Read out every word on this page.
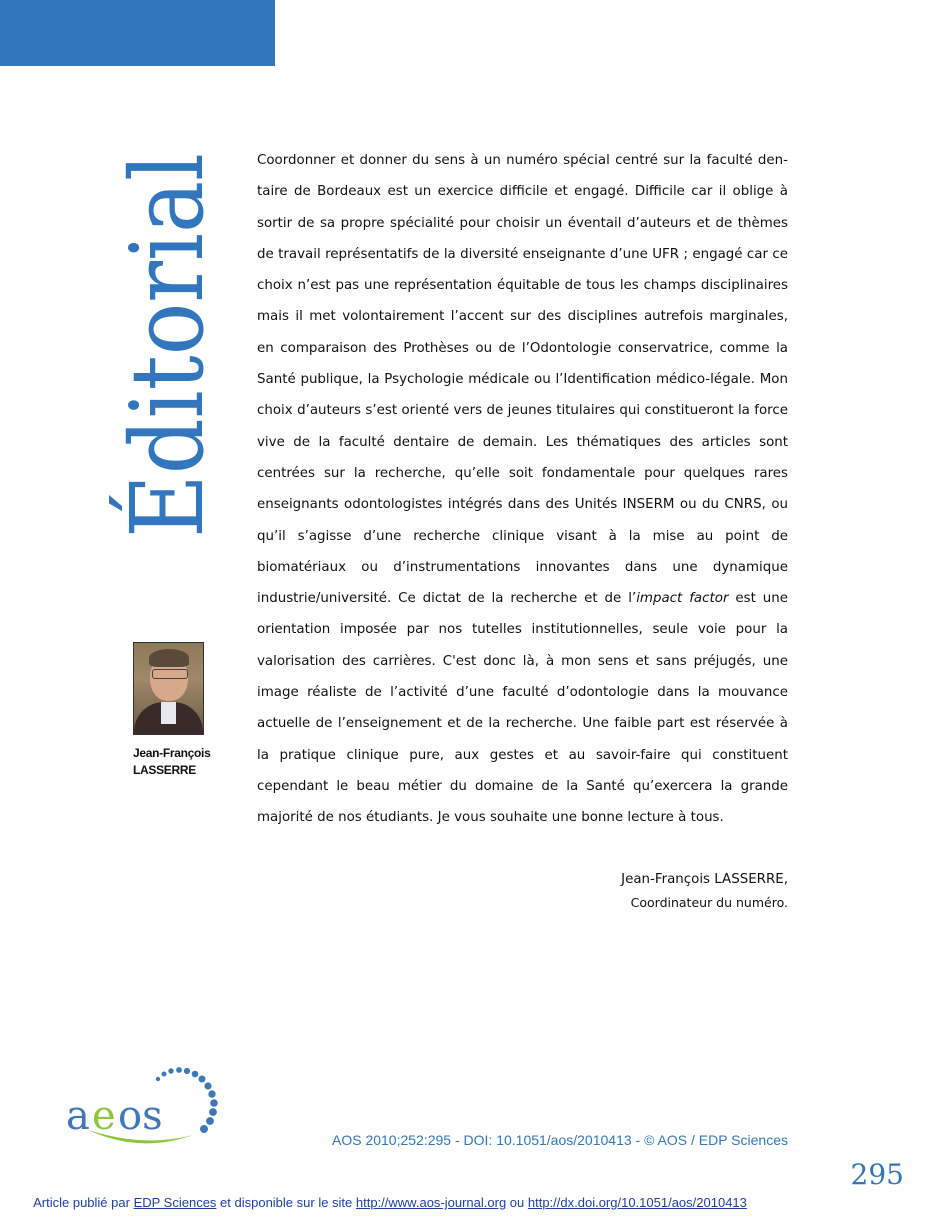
Éditorial
Jean-François
LASSERRE

Coordonner et donner du sens à un numéro spécial centré sur la faculté dentaire de Bordeaux est un exercice difficile et engagé. Difficile car il oblige à sortir de sa propre spécialité pour choisir un éventail d’auteurs et de thèmes de travail représentatifs de la diversité enseignante d’une UFR ; engagé car ce choix n’est pas une représentation équitable de tous les champs disciplinaires mais il met volontairement l’accent sur des disciplines autrefois marginales, en comparaison des Prothèses ou de l’Odontologie conservatrice, comme la Santé publique, la Psychologie médicale ou l’Identification médico-légale. Mon choix d’auteurs s’est orienté vers de jeunes titulaires qui constitueront la force vive de la faculté dentaire de demain. Les thématiques des articles sont centrées sur la recherche, qu’elle soit fondamentale pour quelques rares enseignants odontologistes intégrés dans des Unités INSERM ou du CNRS, ou qu’il s’agisse d’une recherche clinique visant à la mise au point de biomatériaux ou d’instrumentations innovantes dans une dynamique industrie/université. Ce dictat de la recherche et de l’impact factor est une orientation imposée par nos tutelles institutionnelles, seule voie pour la valorisation des carrières. C'est donc là, à mon sens et sans préjugés, une image réaliste de l’activité d’une faculté d’odontologie dans la mouvance actuelle de l’enseignement et de la recherche. Une faible part est réservée à la pratique clinique pure, aux gestes et au savoir-faire qui constituent cependant le beau métier du domaine de la Santé qu’exercera la grande majorité de nos étudiants. Je vous souhaite une bonne lecture à tous.

Jean-François LASSERRE,
Coordinateur du numéro.
a e os
AOS 2010;252:295 - DOI: 10.1051/aos/2010413 - © AOS / EDP Sciences
295
Article publié par EDP Sciences et disponible sur le site http://www.aos-journal.org ou http://dx.doi.org/10.1051/aos/2010413
